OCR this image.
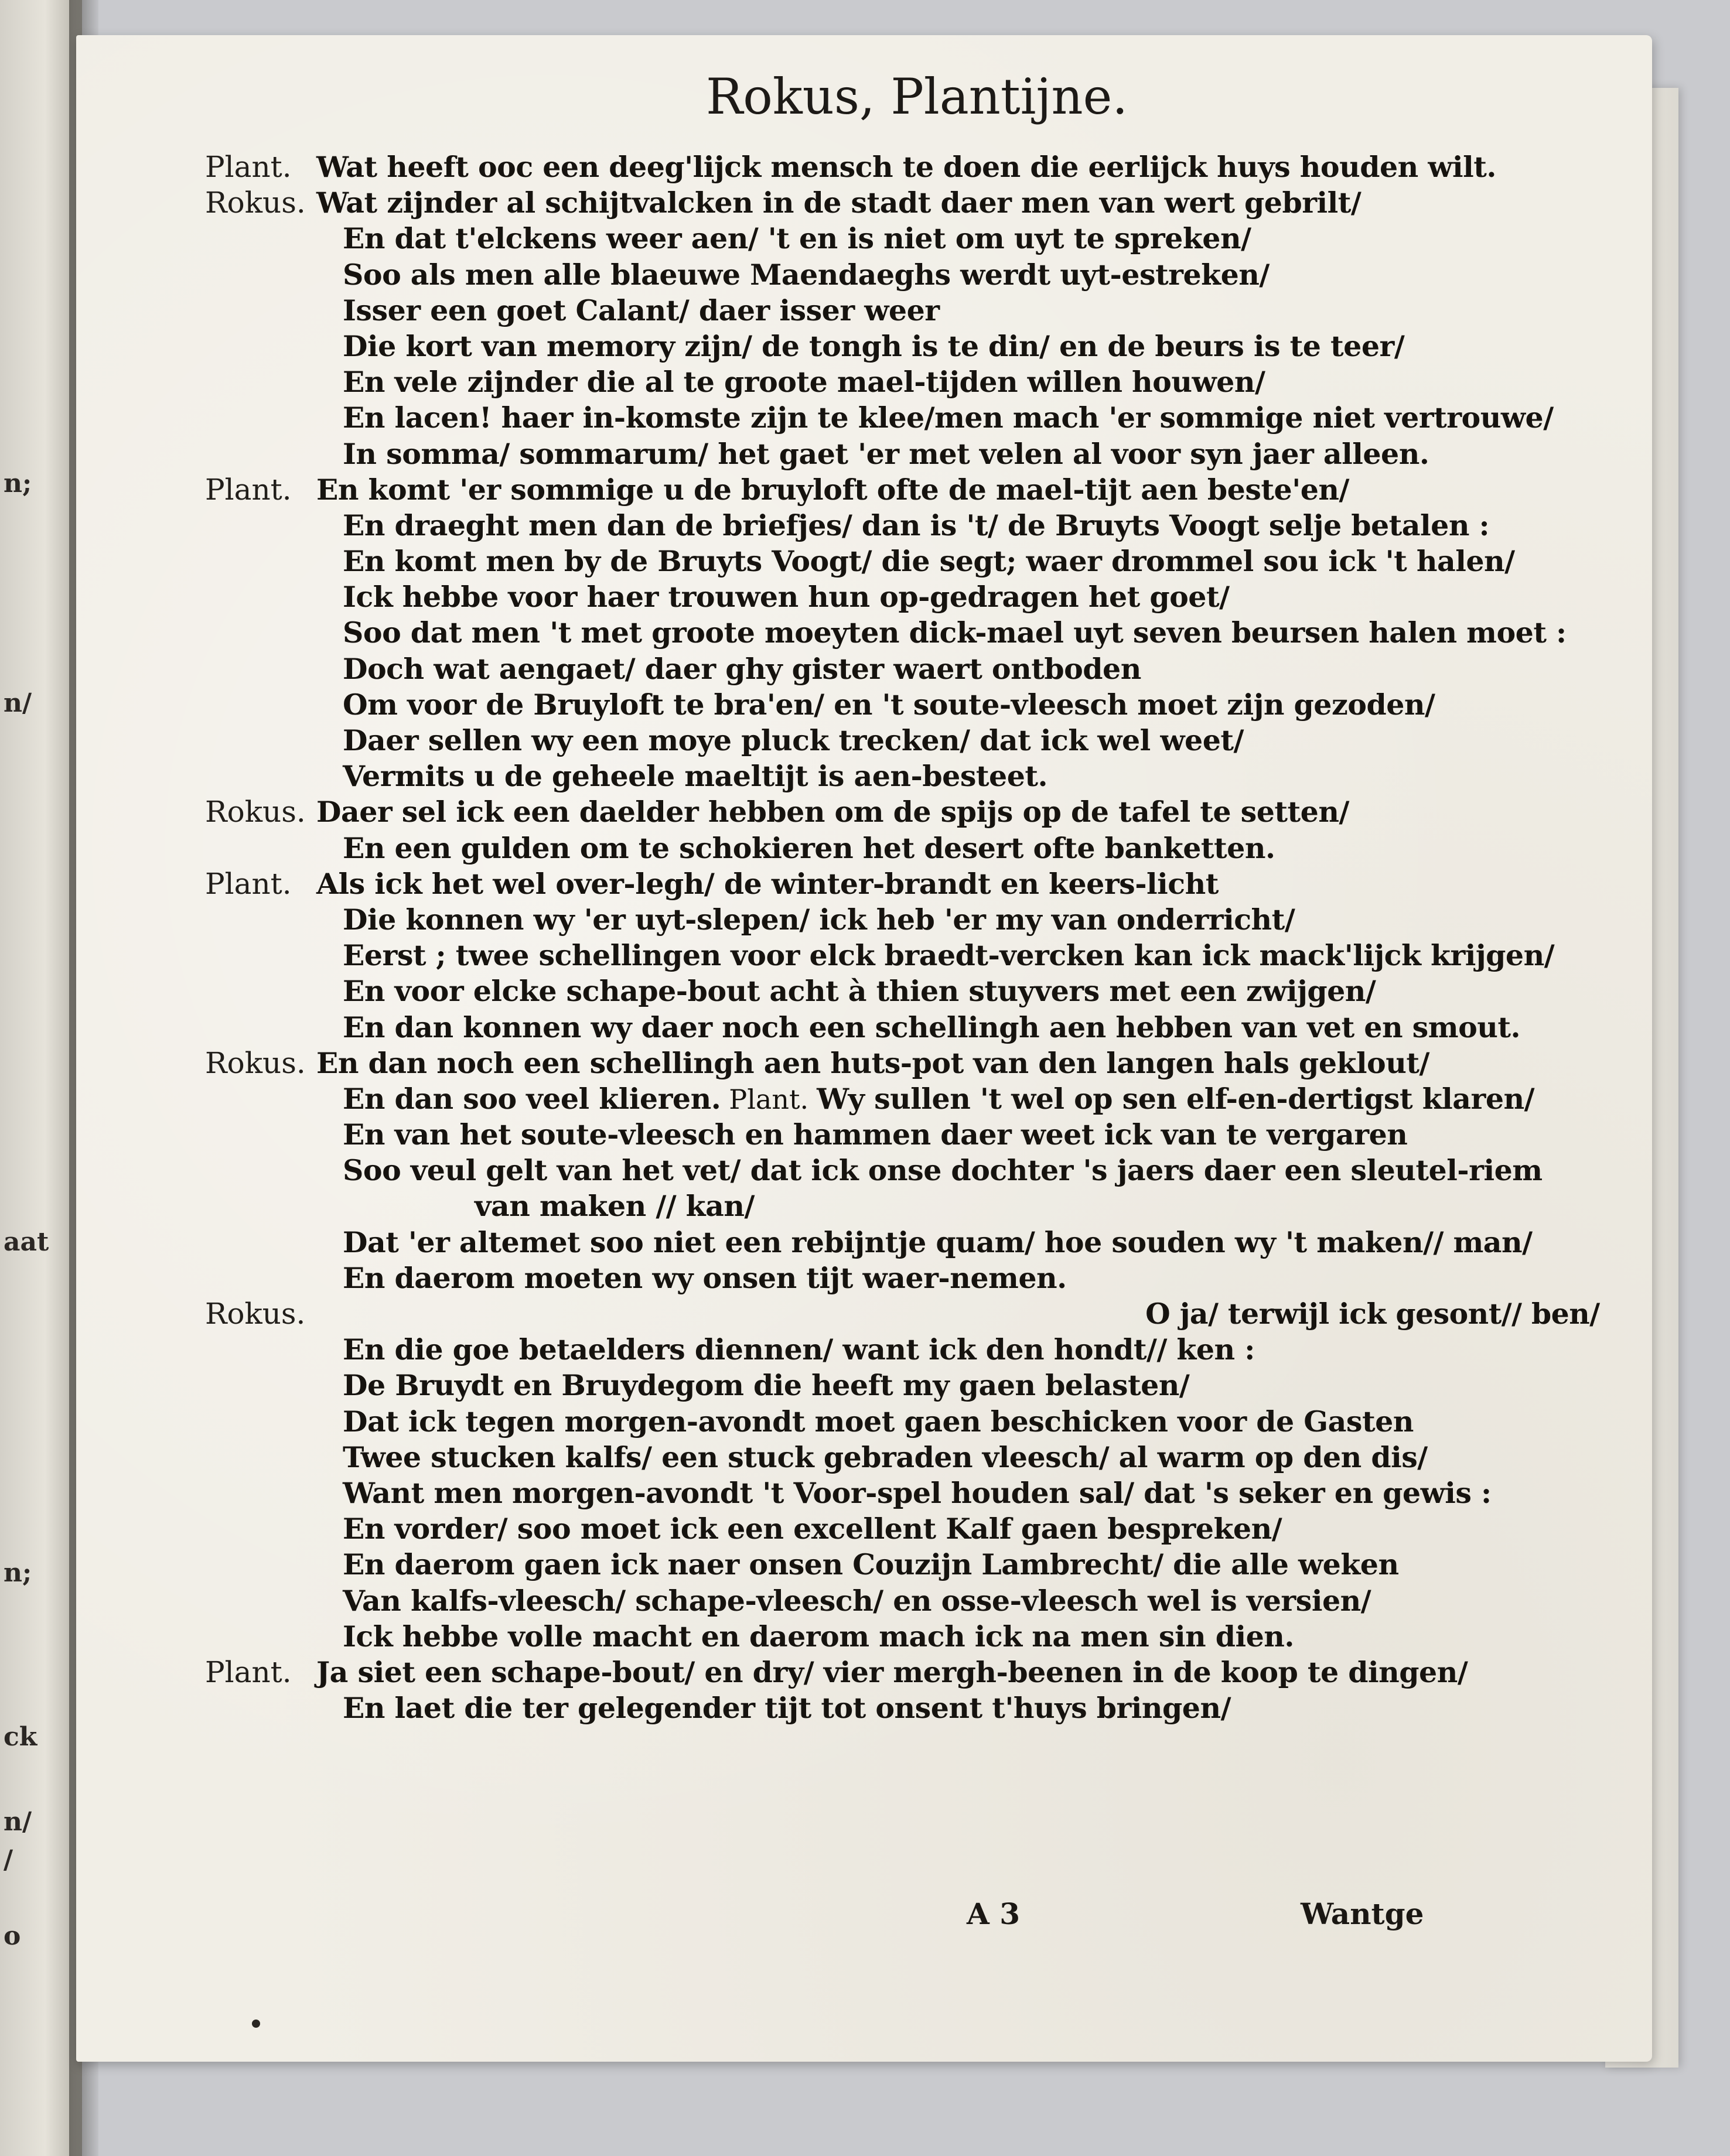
n;
n/
aat
n;
ck
n/
/
o
Rokus, Plantijne.
Plant. Wat heeft ooc een deeg'lijck mensch te doen die eerlijck huys houden wilt.
Rokus. Wat zijnder al schijtvalcken in de stadt daer men van wert gebrilt/
En dat t'elckens weer aen/ 't en is niet om uyt te spreken/
Soo als men alle blaeuwe Maendaeghs werdt uyt-estreken/
Isser een goet Calant/ daer isser weer
Die kort van memory zijn/ de tongh is te din/ en de beurs is te teer/
En vele zijnder die al te groote mael-tijden willen houwen/
En lacen! haer in-komste zijn te klee/men mach 'er sommige niet vertrouwe/
In somma/ sommarum/ het gaet 'er met velen al voor syn jaer alleen.
Plant. En komt 'er sommige u de bruyloft ofte de mael-tijt aen beste'en/
En draeght men dan de briefjes/ dan is 't/ de Bruyts Voogt selje betalen :
En komt men by de Bruyts Voogt/ die segt; waer drommel sou ick 't halen/
Ick hebbe voor haer trouwen hun op-gedragen het goet/
Soo dat men 't met groote moeyten dick-mael uyt seven beursen halen moet :
Doch wat aengaet/ daer ghy gister waert ontboden
Om voor de Bruyloft te bra'en/ en 't soute-vleesch moet zijn gezoden/
Daer sellen wy een moye pluck trecken/ dat ick wel weet/
Vermits u de geheele maeltijt is aen-besteet.
Rokus. Daer sel ick een daelder hebben om de spijs op de tafel te setten/
En een gulden om te schokieren het desert ofte banketten.
Plant. Als ick het wel over-legh/ de winter-brandt en keers-licht
Die konnen wy 'er uyt-slepen/ ick heb 'er my van onderricht/
Eerst ; twee schellingen voor elck braedt-vercken kan ick mack'lijck krijgen/
En voor elcke schape-bout acht à thien stuyvers met een zwijgen/
En dan konnen wy daer noch een schellingh aen hebben van vet en smout.
Rokus. En dan noch een schellingh aen huts-pot van den langen hals geklout/
En dan soo veel klieren. Plant. Wy sullen 't wel op sen elf-en-dertigst klaren/
En van het soute-vleesch en hammen daer weet ick van te vergaren
Soo veul gelt van het vet/ dat ick onse dochter 's jaers daer een sleutel-riem
van maken // kan/
Dat 'er altemet soo niet een rebijntje quam/ hoe souden wy 't maken// man/
En daerom moeten wy onsen tijt waer-nemen.
Rokus.	O ja/ terwijl ick gesont// ben/
En die goe betaelders diennen/ want ick den hondt// ken :
De Bruydt en Bruydegom die heeft my gaen belasten/
Dat ick tegen morgen-avondt moet gaen beschicken voor de Gasten
Twee stucken kalfs/ een stuck gebraden vleesch/ al warm op den dis/
Want men morgen-avondt 't Voor-spel houden sal/ dat 's seker en gewis :
En vorder/ soo moet ick een excellent Kalf gaen bespreken/
En daerom gaen ick naer onsen Couzijn Lambrecht/ die alle weken
Van kalfs-vleesch/ schape-vleesch/ en osse-vleesch wel is versien/
Ick hebbe volle macht en daerom mach ick na men sin dien.
Plant. Ja siet een schape-bout/ en dry/ vier mergh-beenen in de koop te dingen/
En laet die ter gelegender tijt tot onsent t'huys bringen/
A 3	Wantge
